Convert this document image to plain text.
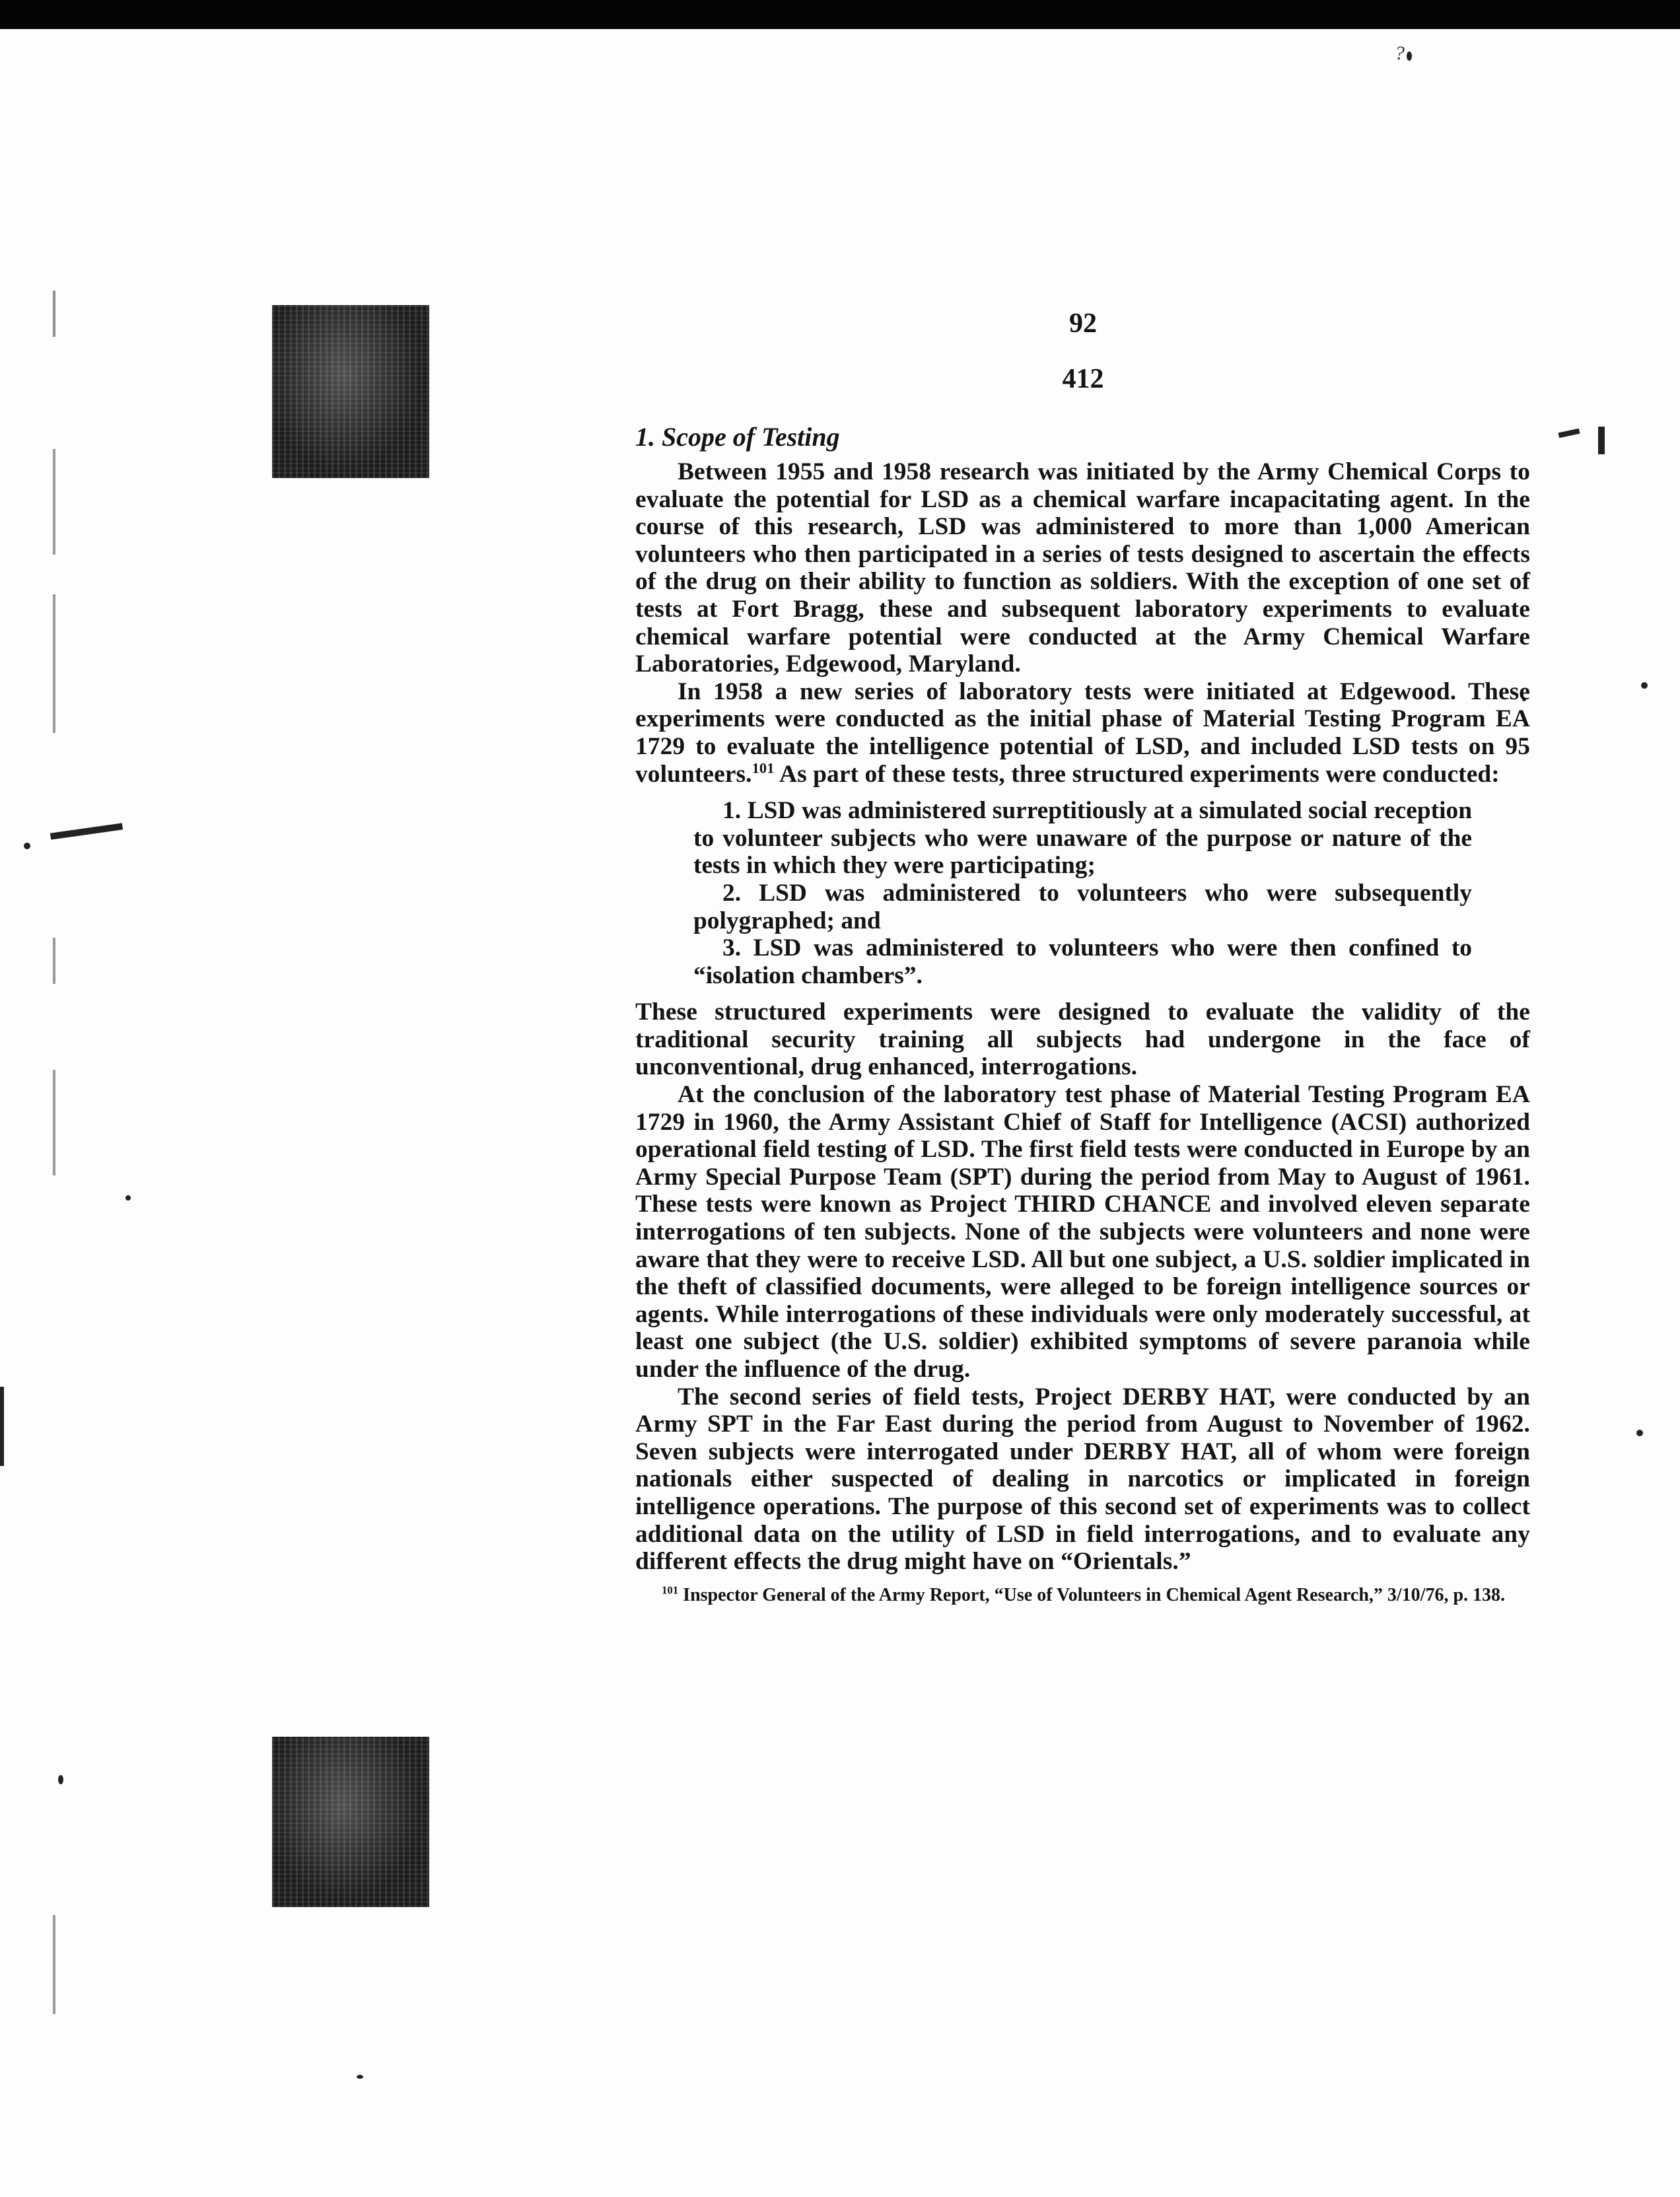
?

92

412

1. Scope of Testing

Between 1955 and 1958 research was initiated by the Army Chemical Corps to evaluate the potential for LSD as a chemical warfare incapacitating agent. In the course of this research, LSD was administered to more than 1,000 American volunteers who then participated in a series of tests designed to ascertain the effects of the drug on their ability to function as soldiers. With the exception of one set of tests at Fort Bragg, these and subsequent laboratory experiments to evaluate chemical warfare potential were conducted at the Army Chemical Warfare Laboratories, Edgewood, Maryland.

In 1958 a new series of laboratory tests were initiated at Edgewood. These experiments were conducted as the initial phase of Material Testing Program EA 1729 to evaluate the intelligence potential of LSD, and included LSD tests on 95 volunteers.$^{101}$ As part of these tests, three structured experiments were conducted:

1. LSD was administered surreptitiously at a simulated social reception to volunteer subjects who were unaware of the purpose or nature of the tests in which they were participating;

2. LSD was administered to volunteers who were subsequently polygraphed; and

3. LSD was administered to volunteers who were then confined to “isolation chambers”.

These structured experiments were designed to evaluate the validity of the traditional security training all subjects had undergone in the face of unconventional, drug enhanced, interrogations.

At the conclusion of the laboratory test phase of Material Testing Program EA 1729 in 1960, the Army Assistant Chief of Staff for Intelligence (ACSI) authorized operational field testing of LSD. The first field tests were conducted in Europe by an Army Special Purpose Team (SPT) during the period from May to August of 1961. These tests were known as Project THIRD CHANCE and involved eleven separate interrogations of ten subjects. None of the subjects were volunteers and none were aware that they were to receive LSD. All but one subject, a U.S. soldier implicated in the theft of classified documents, were alleged to be foreign intelligence sources or agents. While interrogations of these individuals were only moderately successful, at least one subject (the U.S. soldier) exhibited symptoms of severe paranoia while under the influence of the drug.

The second series of field tests, Project DERBY HAT, were conducted by an Army SPT in the Far East during the period from August to November of 1962. Seven subjects were interrogated under DERBY HAT, all of whom were foreign nationals either suspected of dealing in narcotics or implicated in foreign intelligence operations. The purpose of this second set of experiments was to collect additional data on the utility of LSD in field interrogations, and to evaluate any different effects the drug might have on “Orientals.”

$^{101}$ Inspector General of the Army Report, “Use of Volunteers in Chemical Agent Research,” 3/10/76, p. 138.
